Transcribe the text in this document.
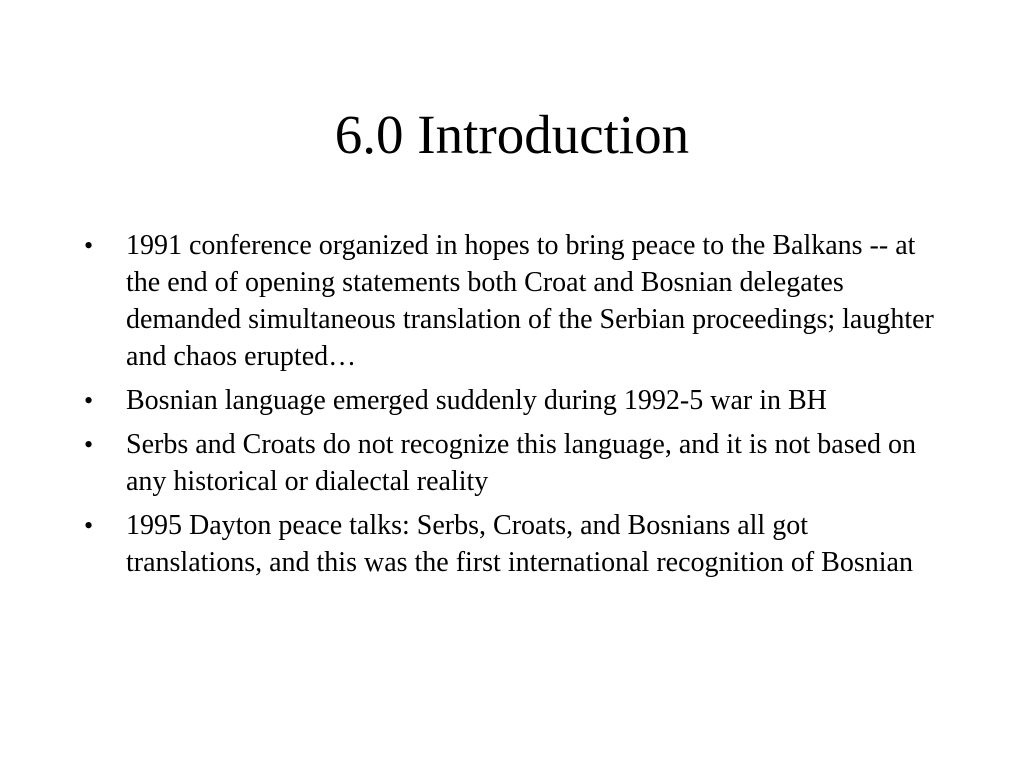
6.0 Introduction
• 1991 conference organized in hopes to bring peace to the Balkans -- at the end of opening statements both Croat and Bosnian delegates demanded simultaneous translation of the Serbian proceedings; laughter and chaos erupted…
• Bosnian language emerged suddenly during 1992-5 war in BH
• Serbs and Croats do not recognize this language, and it is not based on any historical or dialectal reality
• 1995 Dayton peace talks: Serbs, Croats, and Bosnians all got translations, and this was the first international recognition of Bosnian
